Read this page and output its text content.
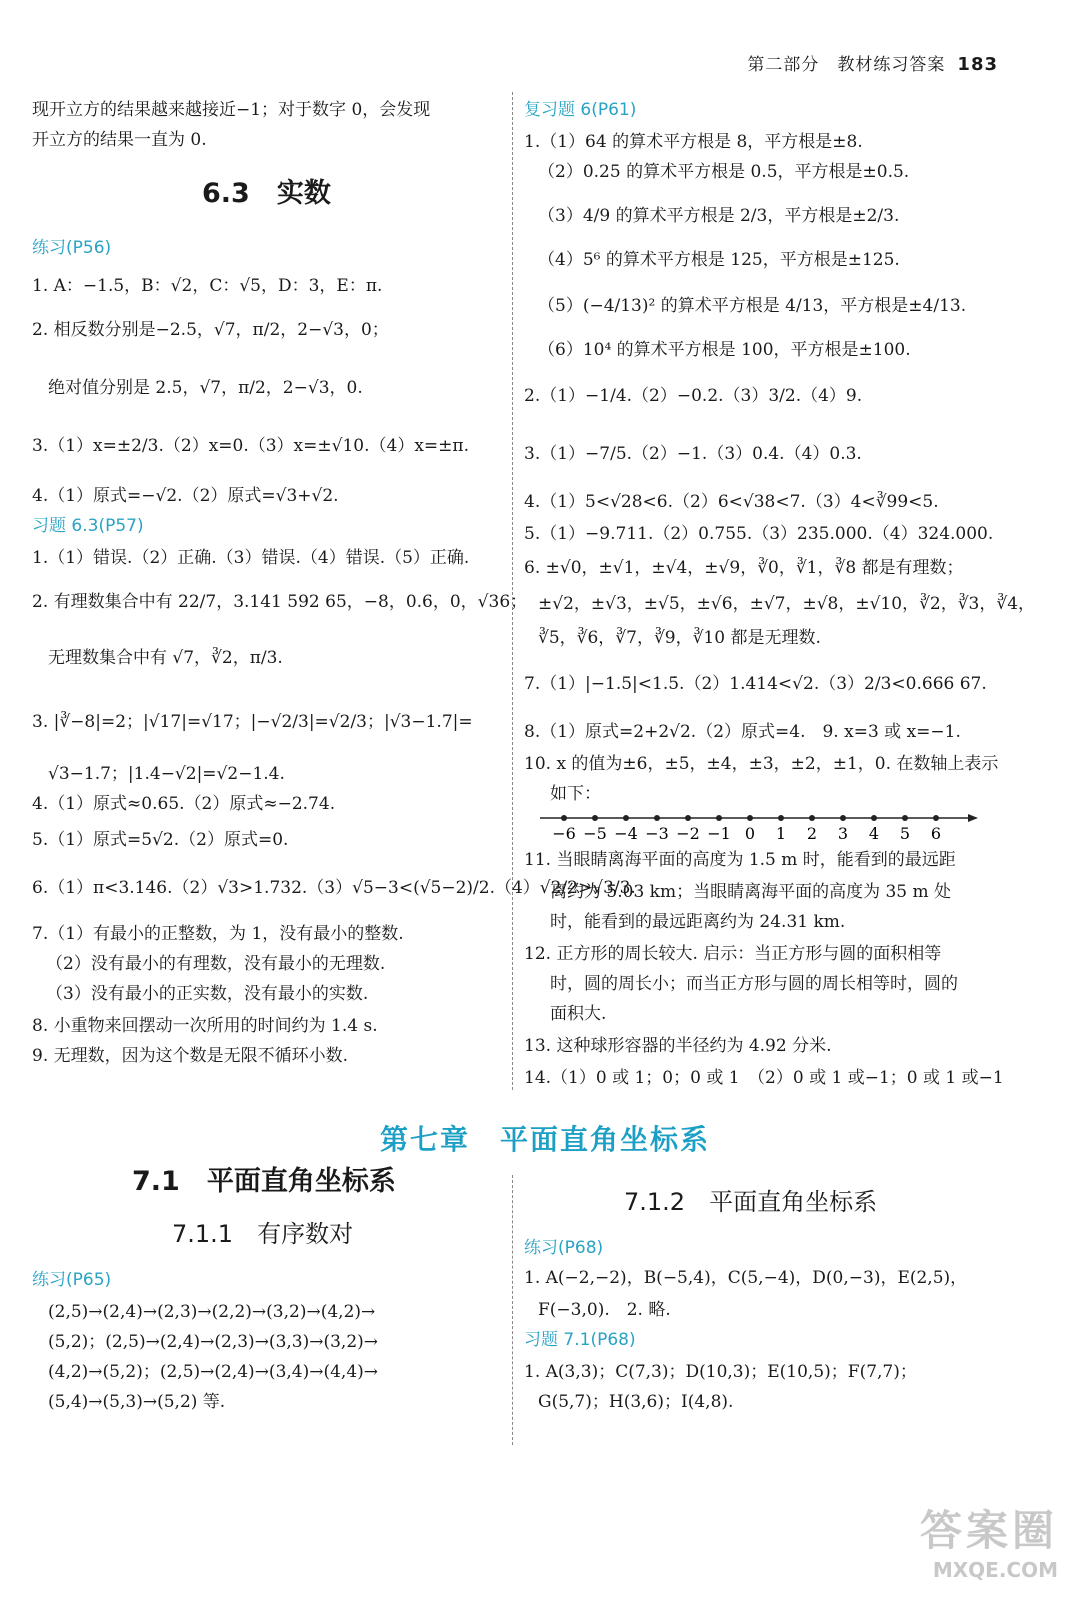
第二部分　教材练习答案 183
现开立方的结果越来越接近−1；对于数字 0，会发现
开立方的结果一直为 0.
6.3　实数
练习(P56)
1. A：−1.5，B：√2，C：√5，D：3，E：π.
2. 相反数分别是−2.5，√7，π/2，2−√3，0；
绝对值分别是 2.5，√7，π/2，2−√3，0.
3.（1）x=±2/3.（2）x=0.（3）x=±√10.（4）x=±π.
4.（1）原式=−√2.（2）原式=√3+√2.
习题 6.3(P57)
1.（1）错误.（2）正确.（3）错误.（4）错误.（5）正确.
2. 有理数集合中有 22/7，3.141 592 65，−8，0.6，0，√36；
无理数集合中有 √7，∛2，π/3.
3. |∛−8|=2；|√17|=√17；|−√2/3|=√2/3；|√3−1.7|=
√3−1.7；|1.4−√2|=√2−1.4.
4.（1）原式≈0.65.（2）原式≈−2.74.
5.（1）原式=5√2.（2）原式=0.
6.（1）π<3.146.（2）√3>1.732.（3）√5−3<(√5−2)/2.（4）√2/2>√3/3.
7.（1）有最小的正整数，为 1，没有最小的整数.
（2）没有最小的有理数，没有最小的无理数.
（3）没有最小的正实数，没有最小的实数.
8. 小重物来回摆动一次所用的时间约为 1.4 s.
9. 无理数，因为这个数是无限不循环小数.
复习题 6(P61)
1.（1）64 的算术平方根是 8，平方根是±8.
（2）0.25 的算术平方根是 0.5，平方根是±0.5.
（3）4/9 的算术平方根是 2/3，平方根是±2/3.
（4）5⁶ 的算术平方根是 125，平方根是±125.
（5）(−4/13)² 的算术平方根是 4/13，平方根是±4/13.
（6）10⁴ 的算术平方根是 100，平方根是±100.
2.（1）−1/4.（2）−0.2.（3）3/2.（4）9.
3.（1）−7/5.（2）−1.（3）0.4.（4）0.3.
4.（1）5<√28<6.（2）6<√38<7.（3）4<∛99<5.
5.（1）−9.711.（2）0.755.（3）235.000.（4）324.000.
6. ±√0，±√1，±√4，±√9，∛0，∛1，∛8 都是有理数；
±√2，±√3，±√5，±√6，±√7，±√8，±√10，∛2，∛3，∛4，
∛5，∛6，∛7，∛9，∛10 都是无理数.
7.（1）|−1.5|<1.5̇.（2）1.414<√2.（3）2/3<0.666 67.
8.（1）原式=2+2√2.（2）原式=4.　9. x=3 或 x=−1.
10. x 的值为±6，±5，±4，±3，±2，±1，0. 在数轴上表示
如下：
11. 当眼睛离海平面的高度为 1.5 m 时，能看到的最远距
离约为 5.03 km；当眼睛离海平面的高度为 35 m 处
时，能看到的最远距离约为 24.31 km.
12. 正方形的周长较大. 启示：当正方形与圆的面积相等
时，圆的周长小；而当正方形与圆的周长相等时，圆的
面积大.
13. 这种球形容器的半径约为 4.92 分米.
14.（1）0 或 1；0；0 或 1　（2）0 或 1 或−1；0 或 1 或−1
7.1　平面直角坐标系
7.1.1　有序数对
练习(P65)
(2,5)→(2,4)→(2,3)→(2,2)→(3,2)→(4,2)→
(5,2)；(2,5)→(2,4)→(2,3)→(3,3)→(3,2)→
(4,2)→(5,2)；(2,5)→(2,4)→(3,4)→(4,4)→
(5,4)→(5,3)→(5,2) 等.
7.1.2　平面直角坐标系
练习(P68)
1. A(−2,−2)，B(−5,4)，C(5,−4)，D(0,−3)，E(2,5)，
F(−3,0).　2. 略.
习题 7.1(P68)
1. A(3,3)；C(7,3)；D(10,3)；E(10,5)；F(7,7)；
G(5,7)；H(3,6)；I(4,8).
−6 −5 −4 −3 −2 −1 0 1 2 3 4 5 6
第七章　平面直角坐标系
答案圈
MXQE.COM
